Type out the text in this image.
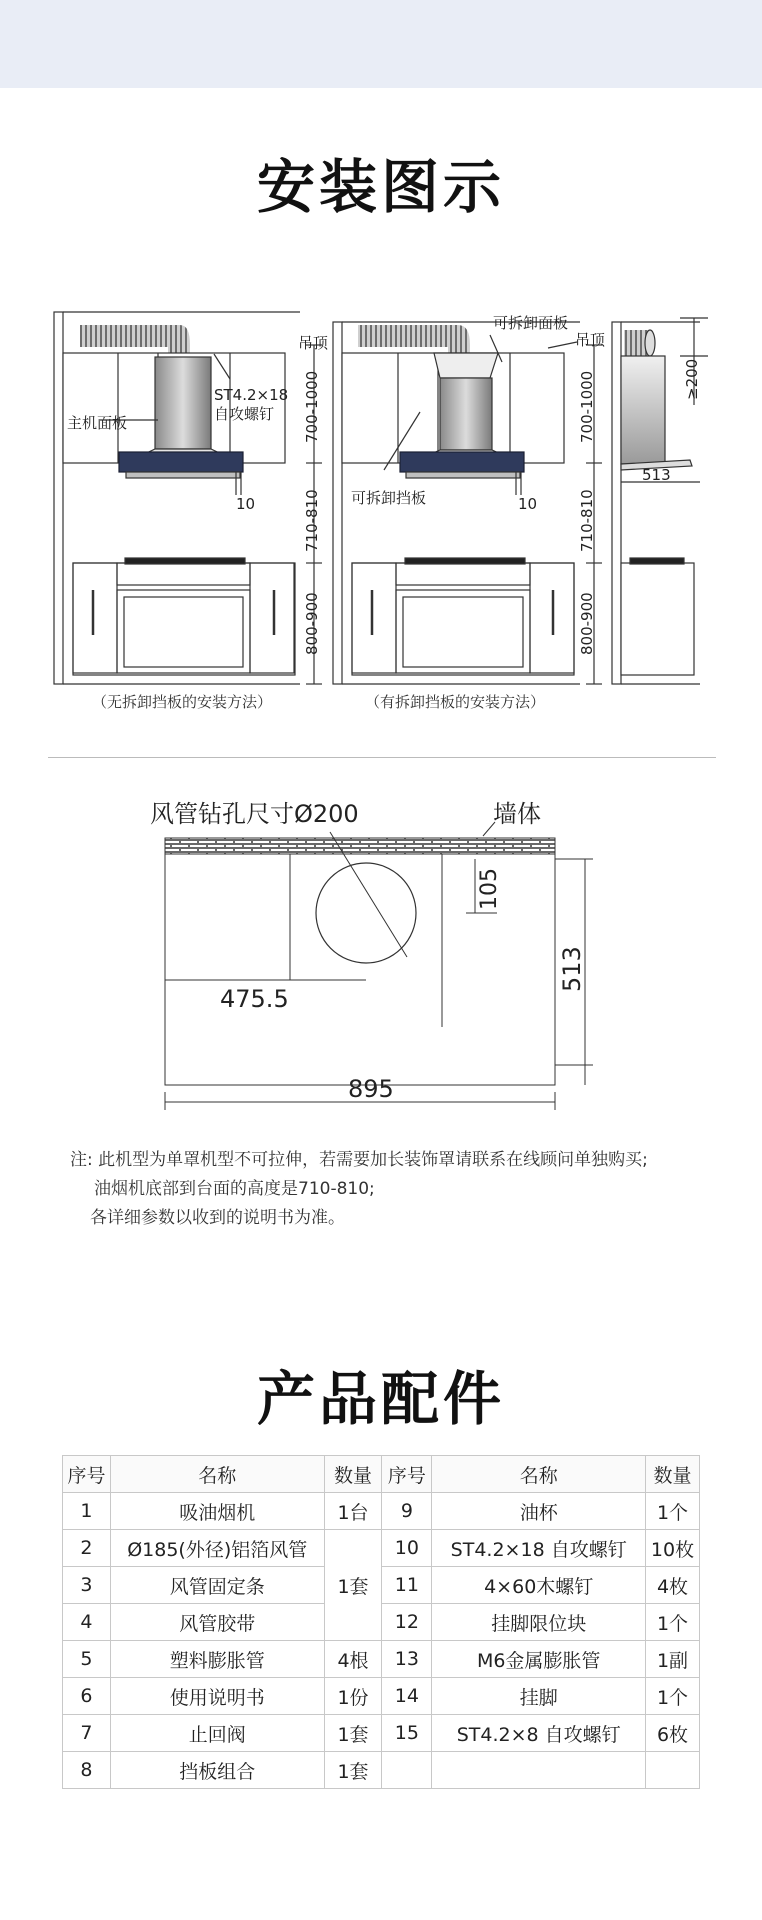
安装图示
吊顶
ST4.2×18
自攻螺钉
主机面板
10
700-1000
710-810
800-900
可拆卸面板
吊顶
可拆卸挡板	10
700-1000
710-810
800-900
≥200
513
（无拆卸挡板的安装方法）	（有拆卸挡板的安装方法）
风管钻孔尺寸Ø200	墙体
105
475.5
513
895
注: 此机型为单罩机型不可拉伸，若需要加长装饰罩请联系在线顾问单独购买;
油烟机底部到台面的高度是710-810;
各详细参数以收到的说明书为准。
产品配件
序号	名称	数量	序号	名称	数量
1	吸油烟机	1台	9	油杯	1个
2	Ø185(外径)铝箔风管	1套	10	ST4.2×18 自攻螺钉	10枚
3	风管固定条		11	4×60木螺钉	4枚
4	风管胶带		12	挂脚限位块	1个
5	塑料膨胀管	4根	13	M6金属膨胀管	1副
6	使用说明书	1份	14	挂脚	1个
7	止回阀	1套	15	ST4.2×8 自攻螺钉	6枚
8	挡板组合	1套			
